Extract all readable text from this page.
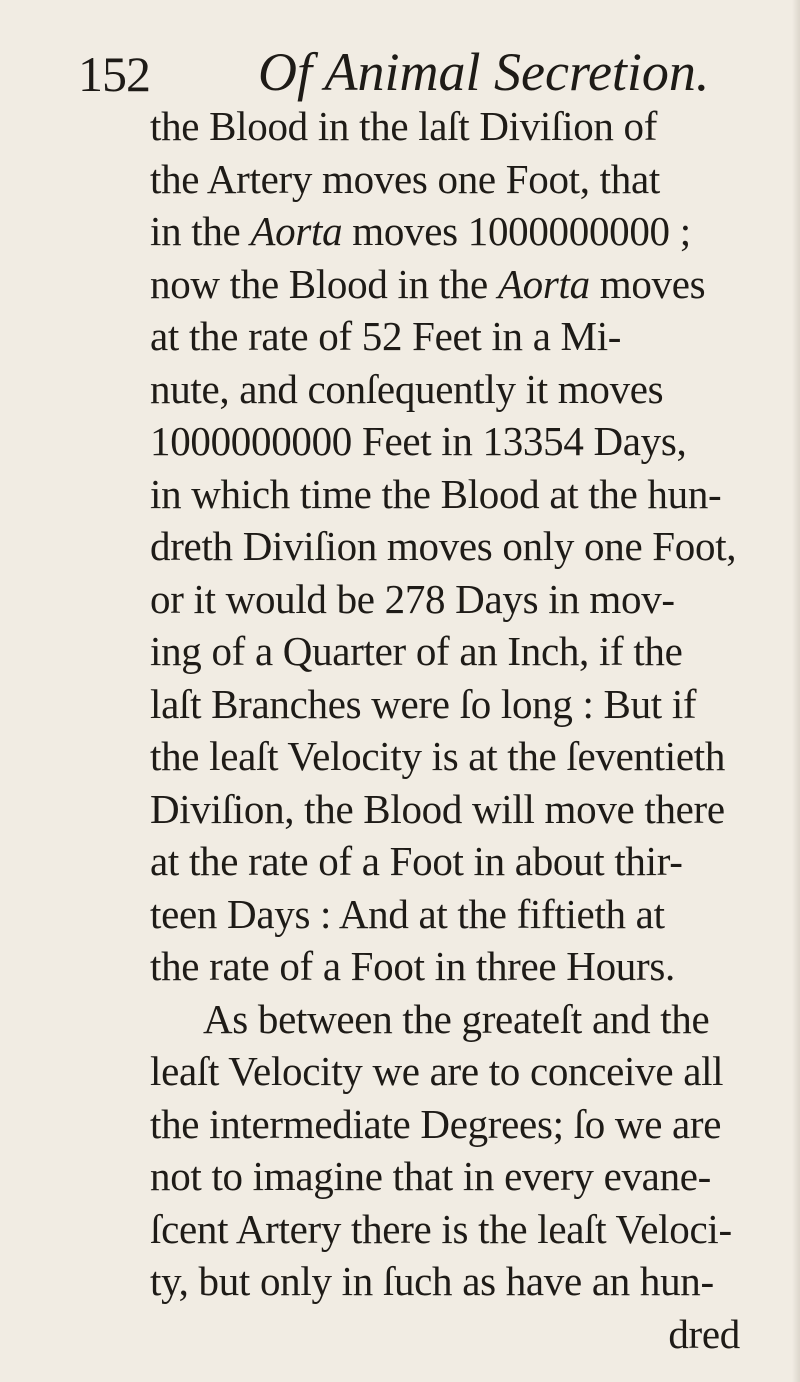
152 Of Animal Secretion.
the Blood in the laſt Diviſion of
the Artery moves one Foot, that
in the Aorta moves 1000000000 ;
now the Blood in the Aorta moves
at the rate of 52 Feet in a Mi-
nute, and conſequently it moves
1000000000 Feet in 13354 Days,
in which time the Blood at the hun-
dreth Diviſion moves only one Foot,
or it would be 278 Days in mov-
ing of a Quarter of an Inch, if the
laſt Branches were ſo long : But if
the leaſt Velocity is at the ſeventieth
Diviſion, the Blood will move there
at the rate of a Foot in about thir-
teen Days : And at the fiftieth at
the rate of a Foot in three Hours.
As between the greateſt and the
leaſt Velocity we are to conceive all
the intermediate Degrees; ſo we are
not to imagine that in every evane-
ſcent Artery there is the leaſt Veloci-
ty, but only in ſuch as have an hun-
dred
